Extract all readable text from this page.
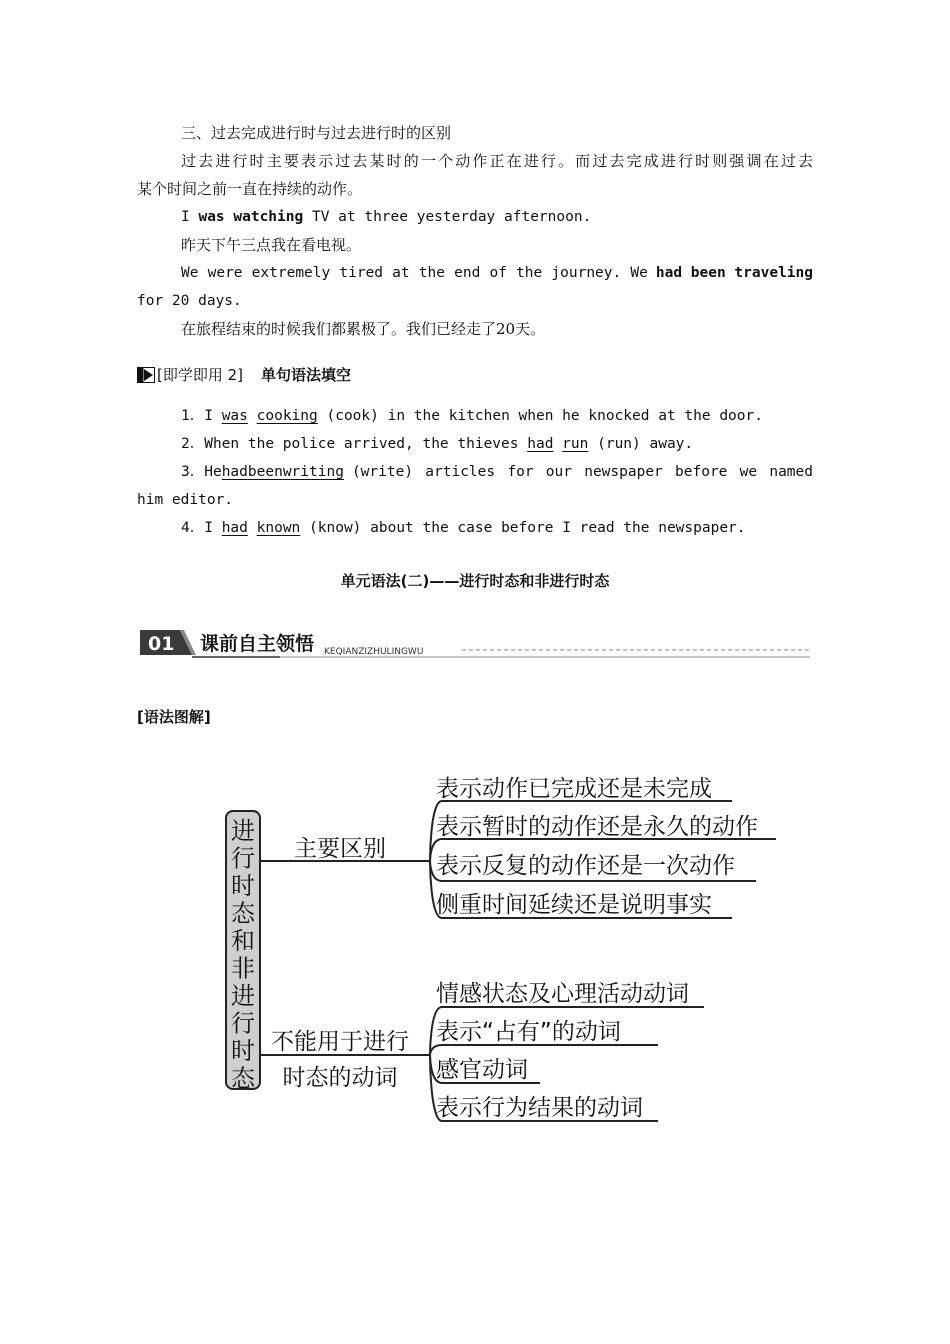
三、过去完成进行时与过去进行时的区别
过去进行时主要表示过去某时的一个动作正在进行。而过去完成进行时则强调在过去
某个时间之前一直在持续的动作。
I was watching TV at three yesterday afternoon.
昨天下午三点我在看电视。
We were extremely tired at the end of the journey. We had been traveling
for 20 days.
在旅程结束的时候我们都累极了。我们已经走了20天。
[即学即用 2] 单句语法填空
1．I was cooking (cook) in the kitchen when he knocked at the door.
2．When the police arrived, the thieves had run (run) away.
3．He had been writing (write) articles for our newspaper before we named
him editor.
4．I had known (know) about the case before I read the newspaper.
单元语法(二)——进行时态和非进行时态
01 课前自主领悟 KEQIANZIZHULINGWU
[语法图解]
进行时态和非进行时态
主要区别
表示动作已完成还是未完成
表示暂时的动作还是永久的动作
表示反复的动作还是一次动作
侧重时间延续还是说明事实
不能用于进行
时态的动词
情感状态及心理活动动词
表示“占有”的动词
感官动词
表示行为结果的动词
